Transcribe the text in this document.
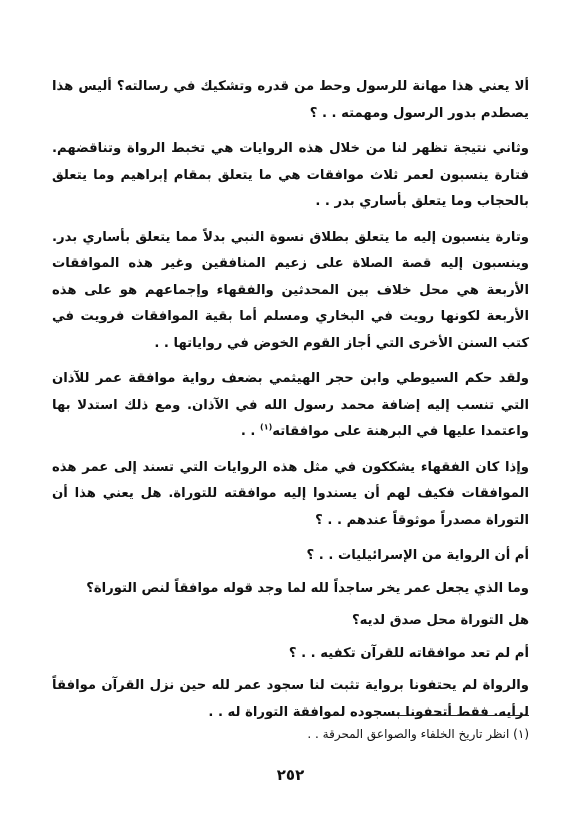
ألا يعني هذا مهانة للرسول وحط من قدره وتشكيك في رسالته؟ أليس هذا يصطدم بدور الرسول ومهمته . . ؟

وثاني نتيجة تظهر لنا من خلال هذه الروايات هي تخبط الرواة وتناقضهم. فتارة ينسبون لعمر ثلاث موافقات هي ما يتعلق بمقام إبراهيم وما يتعلق بالحجاب وما يتعلق بأساري بدر . .

وتارة ينسبون إليه ما يتعلق بطلاق نسوة النبي بدلاً مما يتعلق بأساري بدر. وينسبون إليه قصة الصلاة على زعيم المنافقين وغير هذه الموافقات الأربعة هي محل خلاف بين المحدثين والفقهاء وإجماعهم هو على هذه الأربعة لكونها رويت في البخاري ومسلم أما بقية الموافقات فرويت في كتب السنن الأخرى التي أجاز القوم الخوض في رواياتها . .

ولقد حكم السيوطي وابن حجر الهيثمي بضعف رواية موافقة عمر للآذان التي تنسب إليه إضافة محمد رسول الله في الآذان. ومع ذلك استدلا بها واعتمدا عليها في البرهنة على موافقاته$^{(١)}$ . .

وإذا كان الفقهاء يشككون في مثل هذه الروايات التي تسند إلى عمر هذه الموافقات فكيف لهم أن يسندوا إليه موافقته للتوراة. هل يعني هذا أن التوراة مصدراً موثوقاً عندهم . . ؟

أم أن الرواية من الإسرائيليات . . ؟

وما الذي يجعل عمر يخر ساجداً لله لما وجد قوله موافقاً لنص التوراة؟

هل التوراة محل صدق لديه؟

أم لم تعد موافقاته للقرآن تكفيه . . ؟

والرواة لم يحتفونا برواية تثبت لنا سجود عمر لله حين نزل القرآن موافقاً لرأيه. فقط أتحفونا بسجوده لموافقة التوراة له . .

(١) انظر تاريخ الخلفاء والصواعق المحرقة . .
٢٥٢
